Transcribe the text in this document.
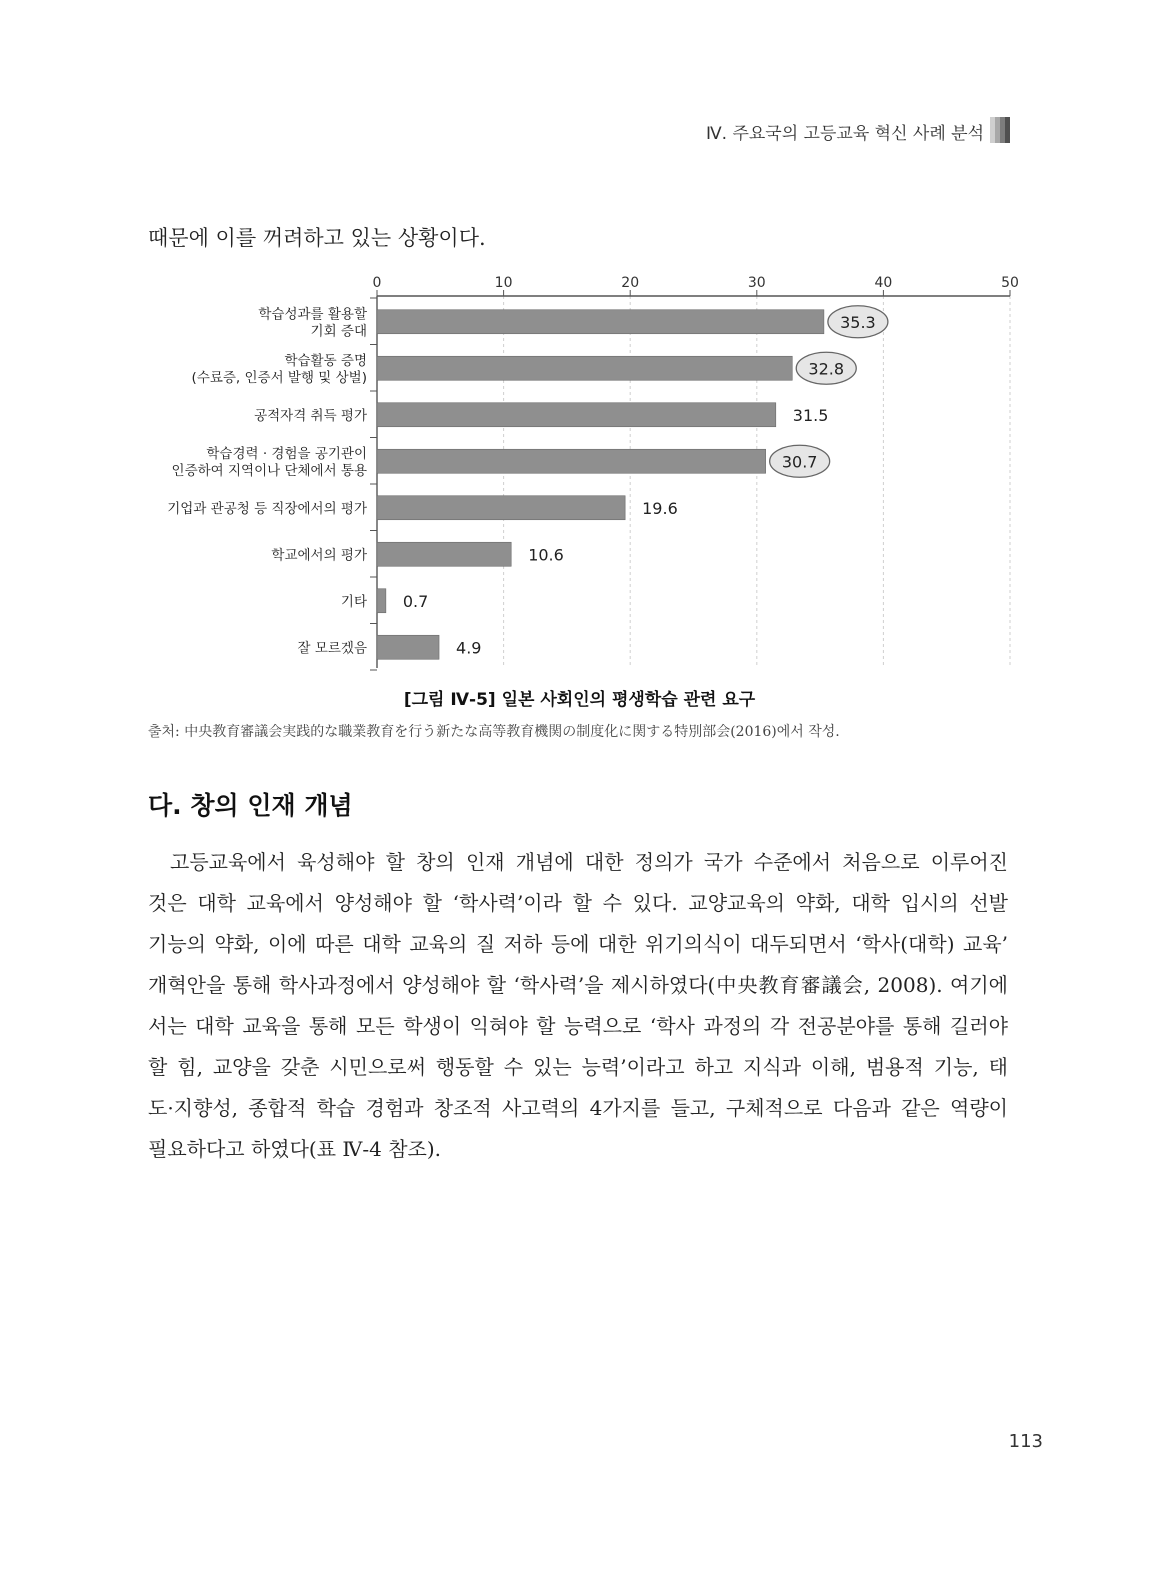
Ⅳ. 주요국의 고등교육 혁신 사례 분석
때문에 이를 꺼려하고 있는 상황이다.
0	10	20	30	40	50
학습성과를 활용할
기회 증대	35.3
학습활동 증명
(수료증, 인증서 발행 및 상벌)	32.8
공적자격 취득 평가	31.5
학습경력 · 경험을 공기관이
인증하여 지역이나 단체에서 통용	30.7
기업과 관공청 등 직장에서의 평가	19.6
학교에서의 평가	10.6
기타 0.7
잘 모르겠음	4.9
[그림 Ⅳ-5] 일본 사회인의 평생학습 관련 요구
출처: 中央教育審議会実践的な職業教育を行う新たな高等教育機関の制度化に関する特別部会(2016)에서 작성.
다. 창의 인재 개념
고등교육에서 육성해야 할 창의 인재 개념에 대한 정의가 국가 수준에서 처음으로 이루어진
것은 대학 교육에서 양성해야 할 ‘학사력’이라 할 수 있다. 교양교육의 약화, 대학 입시의 선발
기능의 약화, 이에 따른 대학 교육의 질 저하 등에 대한 위기의식이 대두되면서 ‘학사(대학) 교육’
개혁안을 통해 학사과정에서 양성해야 할 ‘학사력’을 제시하였다(中央教育審議会, 2008). 여기에
서는 대학 교육을 통해 모든 학생이 익혀야 할 능력으로 ‘학사 과정의 각 전공분야를 통해 길러야
할 힘, 교양을 갖춘 시민으로써 행동할 수 있는 능력’이라고 하고 지식과 이해, 범용적 기능, 태
도·지향성, 종합적 학습 경험과 창조적 사고력의 4가지를 들고, 구체적으로 다음과 같은 역량이
필요하다고 하였다(표 Ⅳ-4 참조).
113
